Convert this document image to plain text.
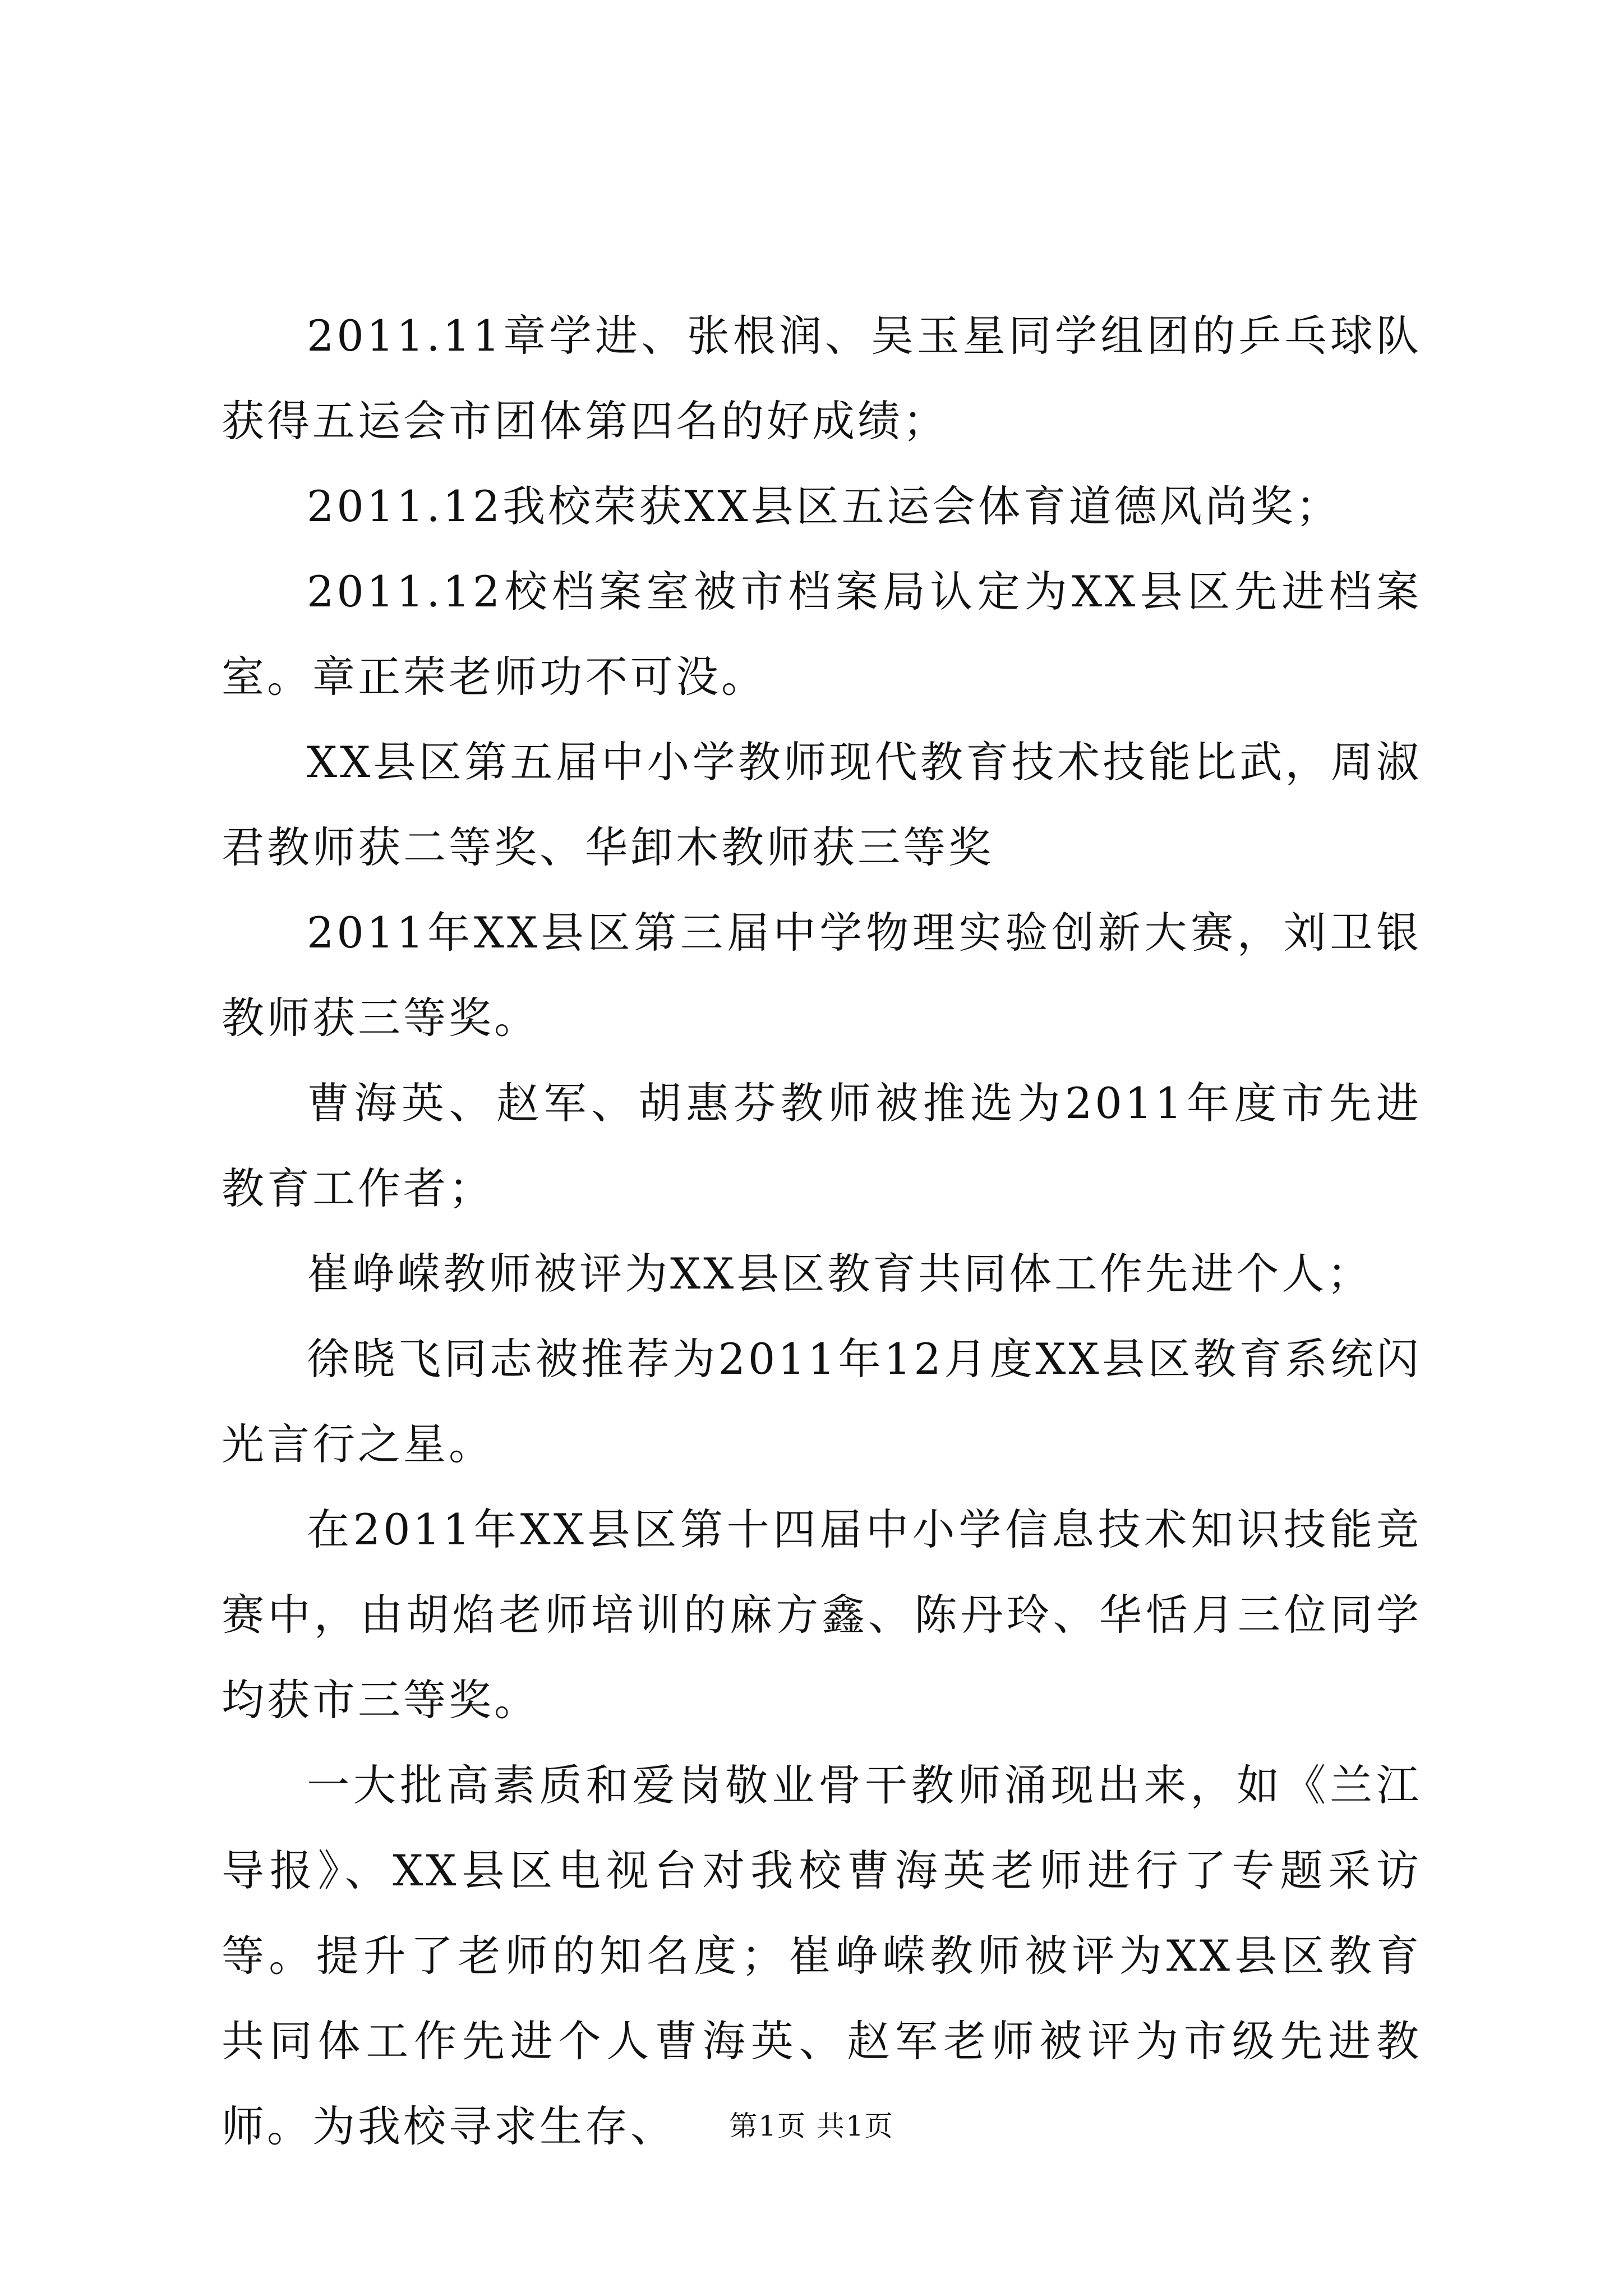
2011.11章学进、张根润、吴玉星同学组团的乒乓球队获得五运会市团体第四名的好成绩；

2011.12我校荣获XX县区五运会体育道德风尚奖；

2011.12校档案室被市档案局认定为XX县区先进档案室。章正荣老师功不可没。

XX县区第五届中小学教师现代教育技术技能比武，周淑君教师获二等奖、华卸木教师获三等奖

2011年XX县区第三届中学物理实验创新大赛，刘卫银教师获三等奖。

曹海英、赵军、胡惠芬教师被推选为2011年度市先进教育工作者；

崔峥嵘教师被评为XX县区教育共同体工作先进个人；

徐晓飞同志被推荐为2011年12月度XX县区教育系统闪光言行之星。

在2011年XX县区第十四届中小学信息技术知识技能竞赛中，由胡焰老师培训的麻方鑫、陈丹玲、华恬月三位同学均获市三等奖。

一大批高素质和爱岗敬业骨干教师涌现出来，如《兰江导报》、XX县区电视台对我校曹海英老师进行了专题采访等。提升了老师的知名度；崔峥嵘教师被评为XX县区教育共同体工作先进个人曹海英、赵军老师被评为市级先进教师。为我校寻求生存、	第1页 共1页
